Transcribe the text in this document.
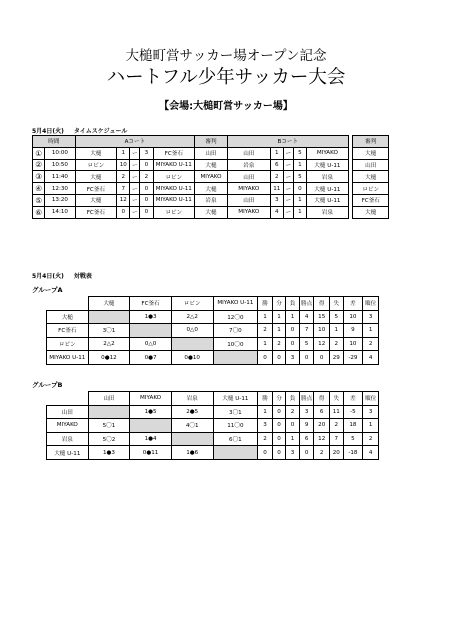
大槌町営サッカー場オープン記念
ハートフル少年サッカー大会
【会場:大槌町営サッカー場】
5月4日(火) タイムスケジュール
時間		Aコート					審判	Bコート						審判
①	10:00	大槌	1	ー	3	FC釜石	山田	山田	1	ー	5	MIYAKO		大槌
②	10:50	ロビン	10	ー	0	MIYAKO U-11	大槌	岩泉	6	ー	1	大槌 U-11		山田
③	11:40	大槌	2	ー	2	ロビン	MIYAKO	山田	2	ー	5	岩泉		大槌
④	12:30	FC釜石	7	ー	0	MIYAKO U-11	大槌	MIYAKO	11	ー	0	大槌 U-11		ロビン
⑤	13:20	大槌	12	ー	0	MIYAKO U-11	岩泉	山田	3	ー	1	大槌 U-11		FC釜石
⑥	14:10	FC釜石	0	ー	0	ロビン	大槌	MIYAKO	4	ー	1	岩泉		大槌
5月4日(火) 対戦表
グループA
	大槌	FC釜石	ロビン	MIYAKO U-11	勝	分	負	勝点	得	失	差	順位
大槌		1●3	2△2	12〇0	1	1	1	4	15	5	10	3
FC釜石	3〇1		0△0	7〇0	2	1	0	7	10	1	9	1
ロビン	2△2	0△0		10〇0	1	2	0	5	12	2	10	2
MIYAKO U-11	0●12	0●7	0●10		0	0	3	0	0	29	-29	4
グループB
	山田	MIYAKO	岩泉	大槌 U-11	勝	分	負	勝点	得	失	差	順位
山田		1●5	2●5	3〇1	1	0	2	3	6	11	-5	3
MIYAKO	5〇1		4〇1	11〇0	3	0	0	9	20	2	18	1
岩泉	5〇2	1●4		6〇1	2	0	1	6	12	7	5	2
大槌 U-11	1●3	0●11	1●6		0	0	3	0	2	20	-18	4
